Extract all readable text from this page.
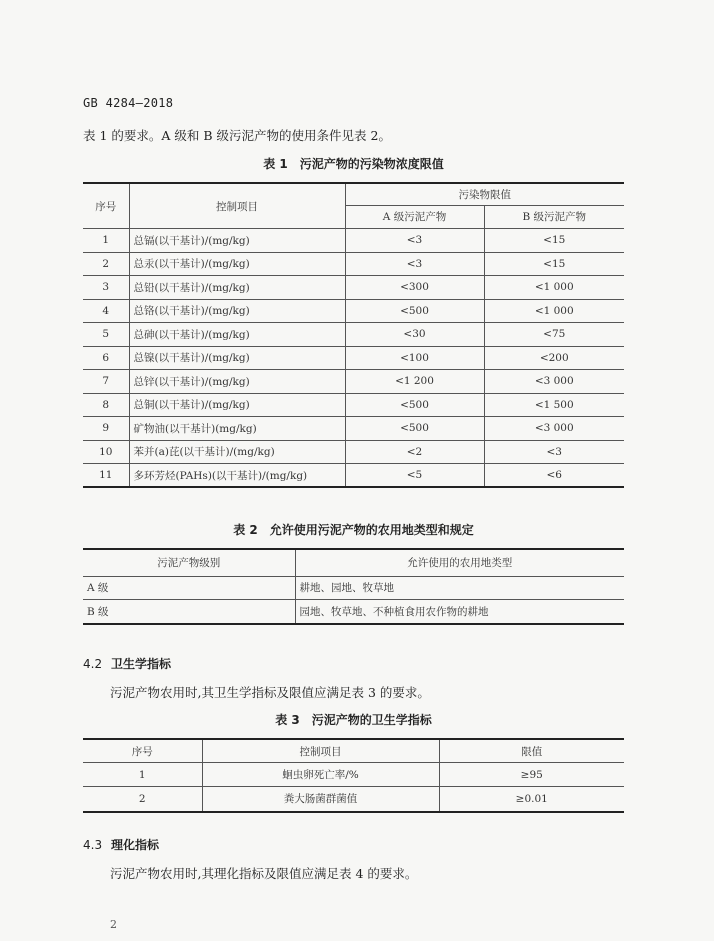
GB 4284—2018
表 1 的要求。A 级和 B 级污泥产物的使用条件见表 2。
表 1　污泥产物的污染物浓度限值
序号	控制项目	污染物限值	
		A 级污泥产物	B 级污泥产物
1	总镉(以干基计)/(mg/kg)	<3	<15
2	总汞(以干基计)/(mg/kg)	<3	<15
3	总铅(以干基计)/(mg/kg)	<300	<1 000
4	总铬(以干基计)/(mg/kg)	<500	<1 000
5	总砷(以干基计)/(mg/kg)	<30	<75
6	总镍(以干基计)/(mg/kg)	<100	<200
7	总锌(以干基计)/(mg/kg)	<1 200	<3 000
8	总铜(以干基计)/(mg/kg)	<500	<1 500
9	矿物油(以干基计)(mg/kg)	<500	<3 000
10	苯并(a)芘(以干基计)/(mg/kg)	<2	<3
11	多环芳烃(PAHs)(以干基计)/(mg/kg)	<5	<6
表 2　允许使用污泥产物的农用地类型和规定
污泥产物级别	允许使用的农用地类型
A 级	耕地、园地、牧草地
B 级	园地、牧草地、不种植食用农作物的耕地
4.2 卫生学指标
污泥产物农用时,其卫生学指标及限值应满足表 3 的要求。
表 3　污泥产物的卫生学指标
序号	控制项目	限值
1	蛔虫卵死亡率/%	≥95
2	粪大肠菌群菌值	≥0.01
4.3 理化指标
污泥产物农用时,其理化指标及限值应满足表 4 的要求。
2
